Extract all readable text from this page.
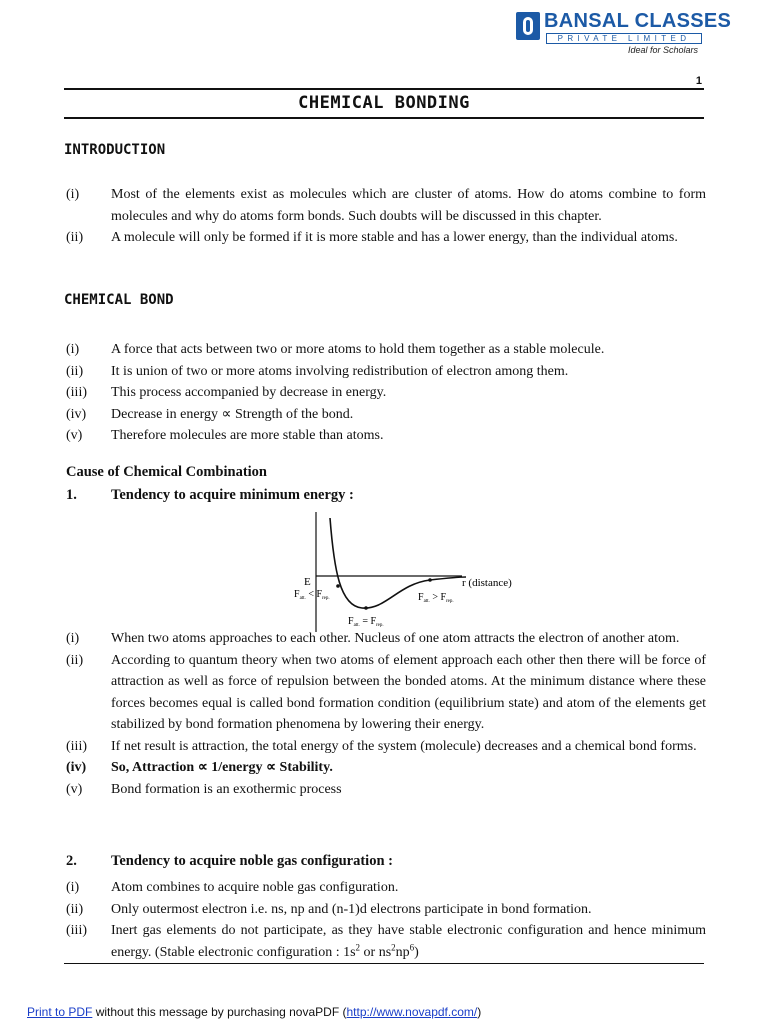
BANSAL CLASSES
PRIVATE LIMITED
Ideal for Scholars
1
CHEMICAL BONDING
INTRODUCTION
(i)	Most of the elements exist as molecules which are cluster of atoms. How do atoms combine to form molecules and why do atoms form bonds. Such doubts will be discussed in this chapter.
(ii)	A molecule will only be formed if it is more stable and has a lower energy, than the individual atoms.
CHEMICAL BOND
(i)	A force that acts between two or more atoms to hold them together as a stable molecule.
(ii)	It is union of two or more atoms involving redistribution of electron among them.
(iii)	This process accompanied by decrease in energy.
(iv)	Decrease in energy ∝ Strength of the bond.
(v)	Therefore molecules are more stable than atoms.
Cause of Chemical Combination
1.	Tendency to acquire minimum energy :
E	r (distance)
$F_{att.} < F_{rep.}$	$F_{att.} > F_{rep.}$
$F_{att.} = F_{rep.}$
(i)	When two atoms approaches to each other. Nucleus of one atom attracts the electron of another atom.
(ii)	According to quantum theory when two atoms of element approach each other then there will be force of attraction as well as force of repulsion between the bonded atoms. At the minimum distance where these forces becomes equal is called bond formation condition (equilibrium state) and atom of the elements get stabilized by bond formation phenomena by lowering their energy.
(iii)	If net result is attraction, the total energy of the system (molecule) decreases and a chemical bond forms.
(iv)	So, Attraction ∝ 1/energy ∝ Stability.
(v)	Bond formation is an exothermic process
2.	Tendency to acquire noble gas configuration :
(i)	Atom combines to acquire noble gas configuration.
(ii)	Only outermost electron i.e. ns, np and (n-1)d electrons participate in bond formation.
(iii)	Inert gas elements do not participate, as they have stable electronic configuration and hence minimum energy. (Stable electronic configuration : $1s^2$ or $ns^2np^6$)
Print to PDF without this message by purchasing novaPDF (http://www.novapdf.com/)
